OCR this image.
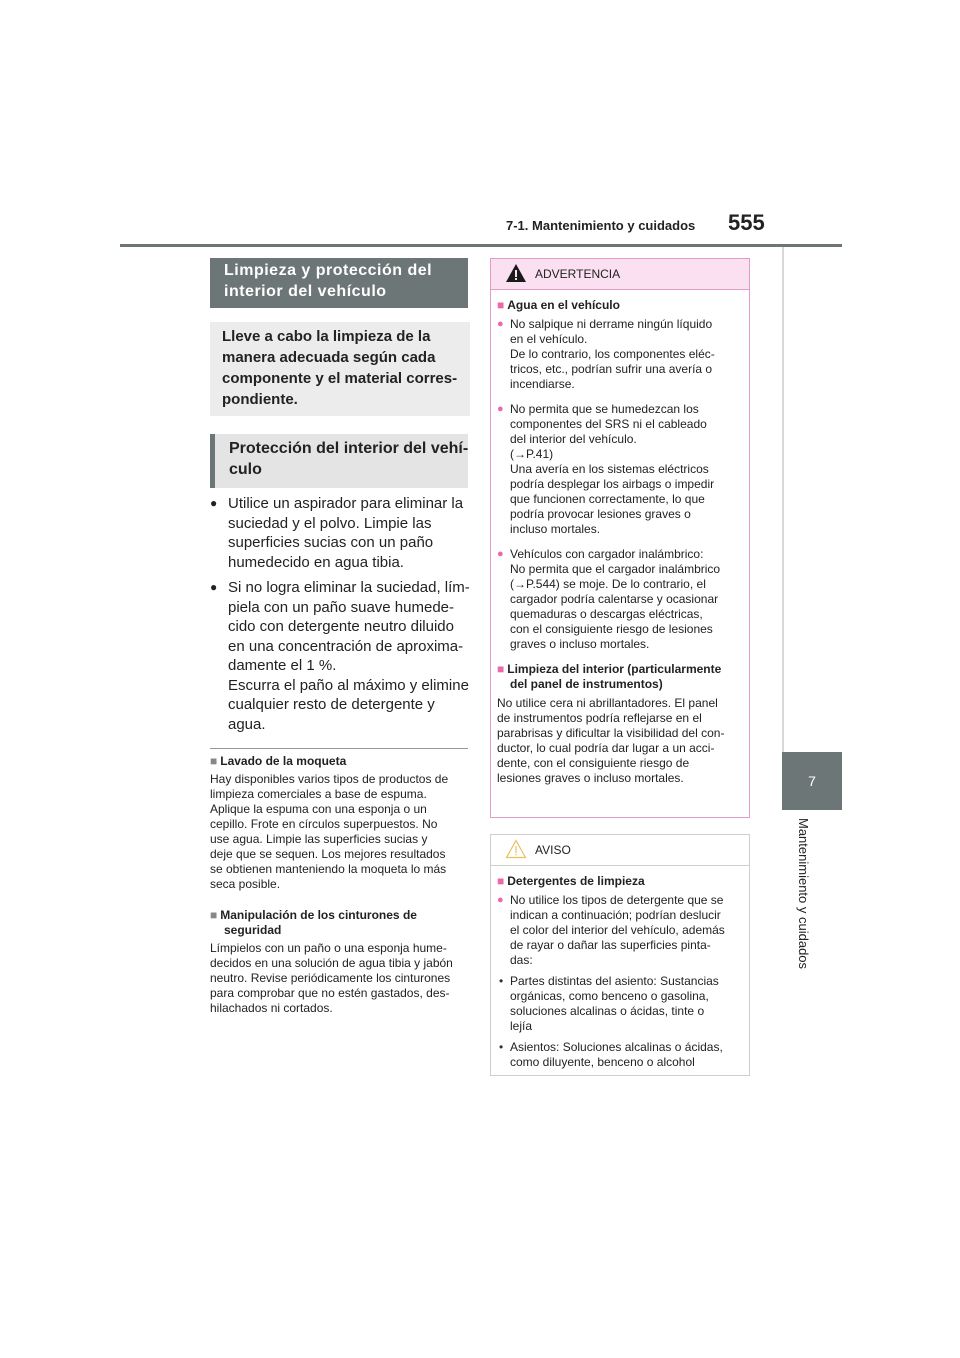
7-1. Mantenimiento y cuidados 555
7
Mantenimiento y cuidados
Limpieza y protección del
interior del vehículo
Lleve a cabo la limpieza de la
manera adecuada según cada
componente y el material corres-
pondiente.
Protección del interior del vehí-
culo
● Utilice un aspirador para eliminar la
suciedad y el polvo. Limpie las
superficies sucias con un paño
humedecido en agua tibia.
● Si no logra eliminar la suciedad, lím-
piela con un paño suave humede-
cido con detergente neutro diluido
en una concentración de aproxima-
damente el 1 %.
Escurra el paño al máximo y elimine
cualquier resto de detergente y
agua.
■ Lavado de la moqueta
Hay disponibles varios tipos de productos de
limpieza comerciales a base de espuma.
Aplique la espuma con una esponja o un
cepillo. Frote en círculos superpuestos. No
use agua. Limpie las superficies sucias y
deje que se sequen. Los mejores resultados
se obtienen manteniendo la moqueta lo más
seca posible.
■ Manipulación de los cinturones de seguridad
Límpielos con un paño o una esponja hume-
decidos en una solución de agua tibia y jabón
neutro. Revise periódicamente los cinturones
para comprobar que no estén gastados, des-
hilachados ni cortados.
ADVERTENCIA
■ Agua en el vehículo
● No salpique ni derrame ningún líquido
en el vehículo.
De lo contrario, los componentes eléc-
tricos, etc., podrían sufrir una avería o
incendiarse.
● No permita que se humedezcan los
componentes del SRS ni el cableado
del interior del vehículo.
(→P.41)
Una avería en los sistemas eléctricos
podría desplegar los airbags o impedir
que funcionen correctamente, lo que
podría provocar lesiones graves o
incluso mortales.
● Vehículos con cargador inalámbrico:
No permita que el cargador inalámbrico
(→P.544) se moje. De lo contrario, el
cargador podría calentarse y ocasionar
quemaduras o descargas eléctricas,
con el consiguiente riesgo de lesiones
graves o incluso mortales.
■ Limpieza del interior (particularmente
del panel de instrumentos)
No utilice cera ni abrillantadores. El panel
de instrumentos podría reflejarse en el
parabrisas y dificultar la visibilidad del con-
ductor, lo cual podría dar lugar a un acci-
dente, con el consiguiente riesgo de
lesiones graves o incluso mortales.
AVISO
■ Detergentes de limpieza
● No utilice los tipos de detergente que se
indican a continuación; podrían deslucir
el color del interior del vehículo, además
de rayar o dañar las superficies pinta-
das:
• Partes distintas del asiento: Sustancias
orgánicas, como benceno o gasolina,
soluciones alcalinas o ácidas, tinte o
lejía
• Asientos: Soluciones alcalinas o ácidas,
como diluyente, benceno o alcohol
